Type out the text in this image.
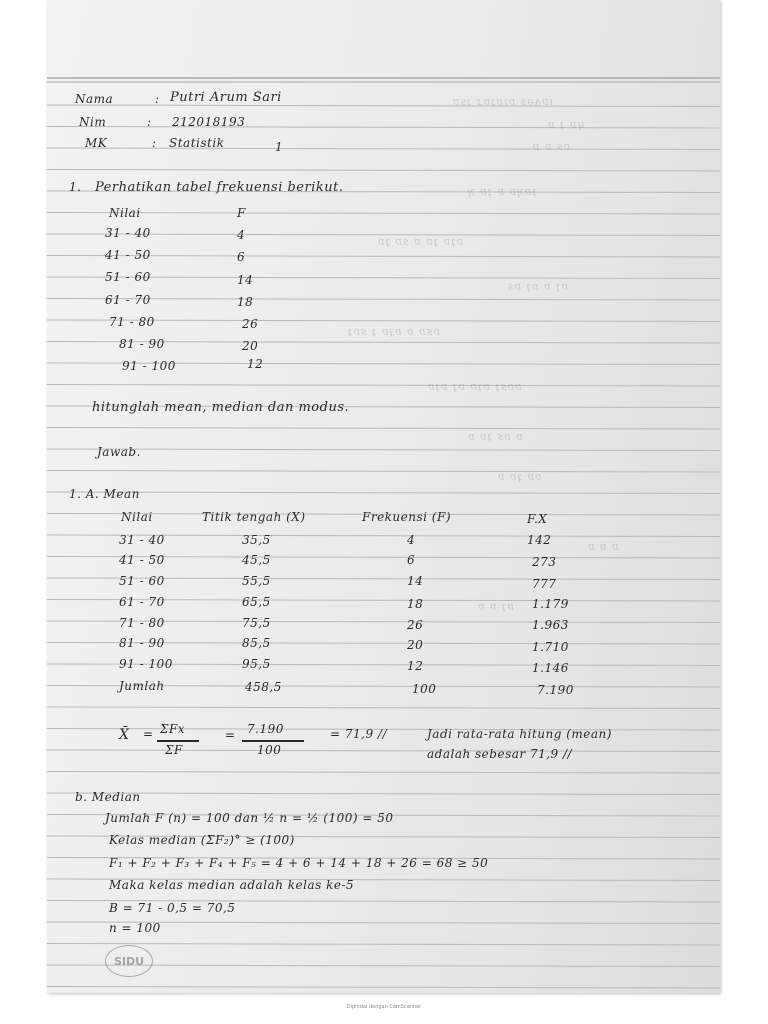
ıɐʌǝs ɐıɐʇɐɹ ʇsɐ
ɥɐ ʇ ɐ
ɐs ɐ ɐ
ʇɐʞɐ ɐ ʇɐ ʞ
ɐʇɐ ʇɐ ɐ sɐ ʇɐ
ɐʇ ɐ ɐʇ ɐs
ɐsɐ ɐ ɐʇɐ ʇ sɐʇ
ɐɐsʇ ɐʇɐ ɐʇ ɐʇɐ
ɐ ɐs ʇɐ ɐ
ɐɐ ʇɐ ɐ
ɐ ɐ ɐ
ɐʇ ɐ ɐ
Nama	: Putri Arum Sari
Nim	: 212018193
MK	: Statistik	1
1. Perhatikan tabel frekuensi berikut.
Nilai	F
31 - 40	4
41 - 50	6
51 - 60	14
61 - 70	18
71 - 80	26
81 - 90	20
91 - 100	12
hitunglah mean, median dan modus.
Jawab.
1. A. Mean
Nilai	Titik tengah (X)	Frekuensi (F)	F.X
31 - 40	35,5	4	142
41 - 50	45,5	6	273
51 - 60	55,5	14	777
61 - 70	65,5	18	1.179
71 - 80	75,5	26	1.963
81 - 90	85,5	20	1.710
91 - 100	95,5	12	1.146
Jumlah	458,5	100	7.190
X̄ = ΣFx
ΣF
= 7.190
100
= 71,9 //	Jadi rata-rata hitung (mean)
adalah sebesar 71,9 //
b. Median
Jumlah F (n) = 100 dan ½ n = ½ (100) = 50
Kelas median (ΣF₂)° ≥ (100)
F₁ + F₂ + F₃ + F₄ + F₅ = 4 + 6 + 14 + 18 + 26 = 68 ≥ 50
Maka kelas median adalah kelas ke-5
B = 71 - 0,5 = 70,5
n = 100
SIDU
Dipindai dengan CamScanner
